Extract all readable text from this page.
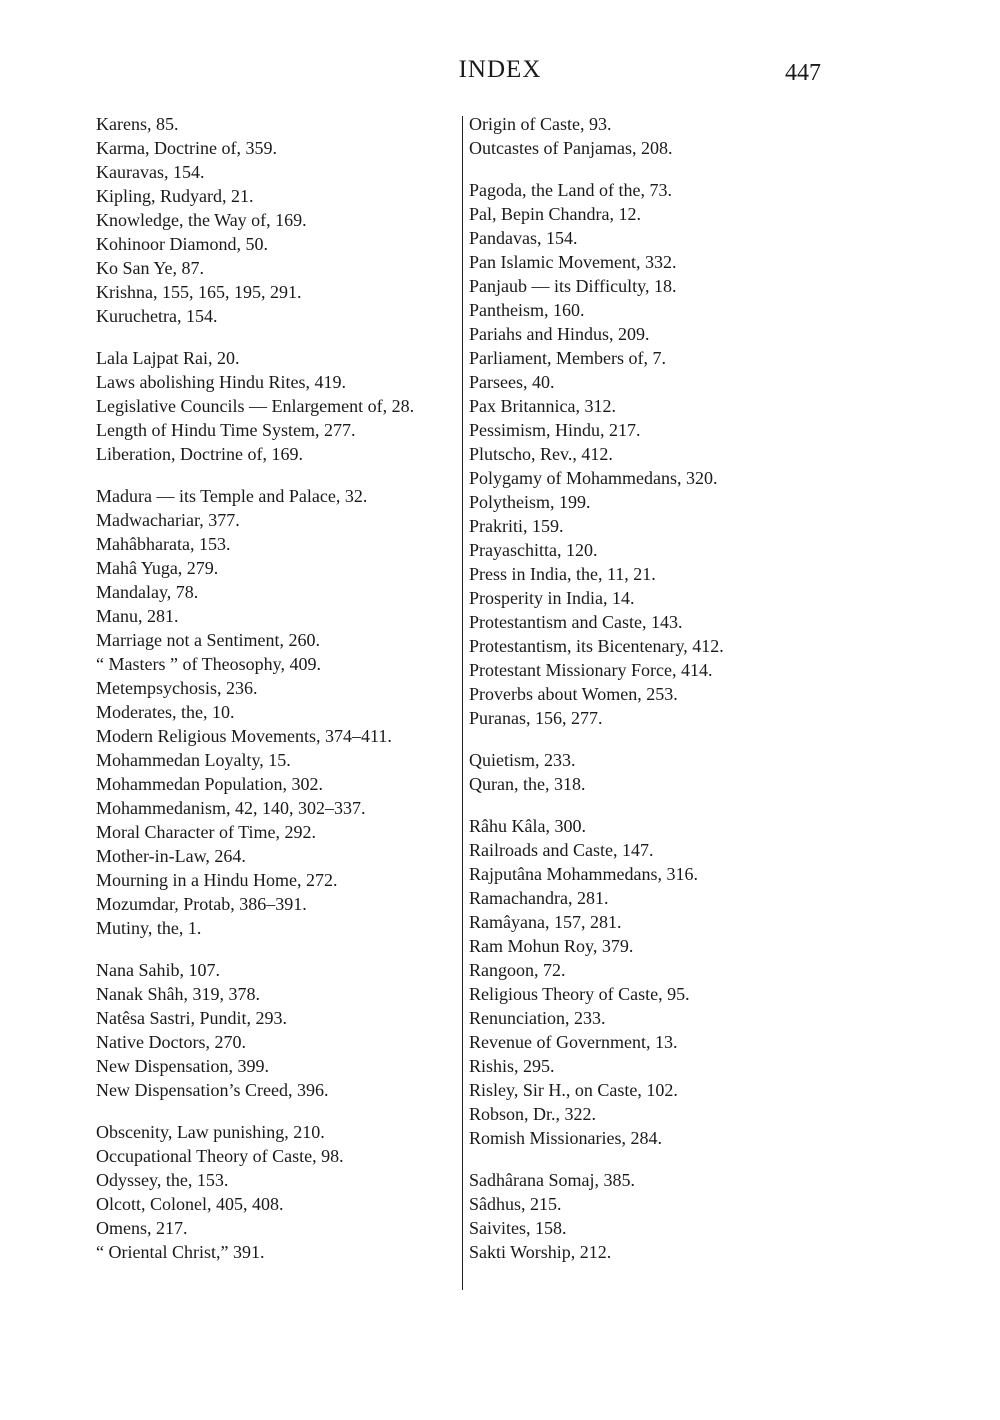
INDEX	447
Karens, 85.
Karma, Doctrine of, 359.
Kauravas, 154.
Kipling, Rudyard, 21.
Knowledge, the Way of, 169.
Kohinoor Diamond, 50.
Ko San Ye, 87.
Krishna, 155, 165, 195, 291.
Kuruchetra, 154.
Lala Lajpat Rai, 20.
Laws abolishing Hindu Rites, 419.
Legislative Councils — Enlargement of, 28.
Length of Hindu Time System, 277.
Liberation, Doctrine of, 169.
Madura — its Temple and Palace, 32.
Madwachariar, 377.
Mahâbharata, 153.
Mahâ Yuga, 279.
Mandalay, 78.
Manu, 281.
Marriage not a Sentiment, 260.
“ Masters ” of Theosophy, 409.
Metempsychosis, 236.
Moderates, the, 10.
Modern Religious Movements, 374–411.
Mohammedan Loyalty, 15.
Mohammedan Population, 302.
Mohammedanism, 42, 140, 302–337.
Moral Character of Time, 292.
Mother-in-Law, 264.
Mourning in a Hindu Home, 272.
Mozumdar, Protab, 386–391.
Mutiny, the, 1.
Nana Sahib, 107.
Nanak Shâh, 319, 378.
Natêsa Sastri, Pundit, 293.
Native Doctors, 270.
New Dispensation, 399.
New Dispensation’s Creed, 396.
Obscenity, Law punishing, 210.
Occupational Theory of Caste, 98.
Odyssey, the, 153.
Olcott, Colonel, 405, 408.
Omens, 217.
“ Oriental Christ,” 391.
Origin of Caste, 93.
Outcastes of Panjamas, 208.
Pagoda, the Land of the, 73.
Pal, Bepin Chandra, 12.
Pandavas, 154.
Pan Islamic Movement, 332.
Panjaub — its Difficulty, 18.
Pantheism, 160.
Pariahs and Hindus, 209.
Parliament, Members of, 7.
Parsees, 40.
Pax Britannica, 312.
Pessimism, Hindu, 217.
Plutscho, Rev., 412.
Polygamy of Mohammedans, 320.
Polytheism, 199.
Prakriti, 159.
Prayaschitta, 120.
Press in India, the, 11, 21.
Prosperity in India, 14.
Protestantism and Caste, 143.
Protestantism, its Bicentenary, 412.
Protestant Missionary Force, 414.
Proverbs about Women, 253.
Puranas, 156, 277.
Quietism, 233.
Quran, the, 318.
Râhu Kâla, 300.
Railroads and Caste, 147.
Rajputâna Mohammedans, 316.
Ramachandra, 281.
Ramâyana, 157, 281.
Ram Mohun Roy, 379.
Rangoon, 72.
Religious Theory of Caste, 95.
Renunciation, 233.
Revenue of Government, 13.
Rishis, 295.
Risley, Sir H., on Caste, 102.
Robson, Dr., 322.
Romish Missionaries, 284.
Sadhârana Somaj, 385.
Sâdhus, 215.
Saivites, 158.
Sakti Worship, 212.
